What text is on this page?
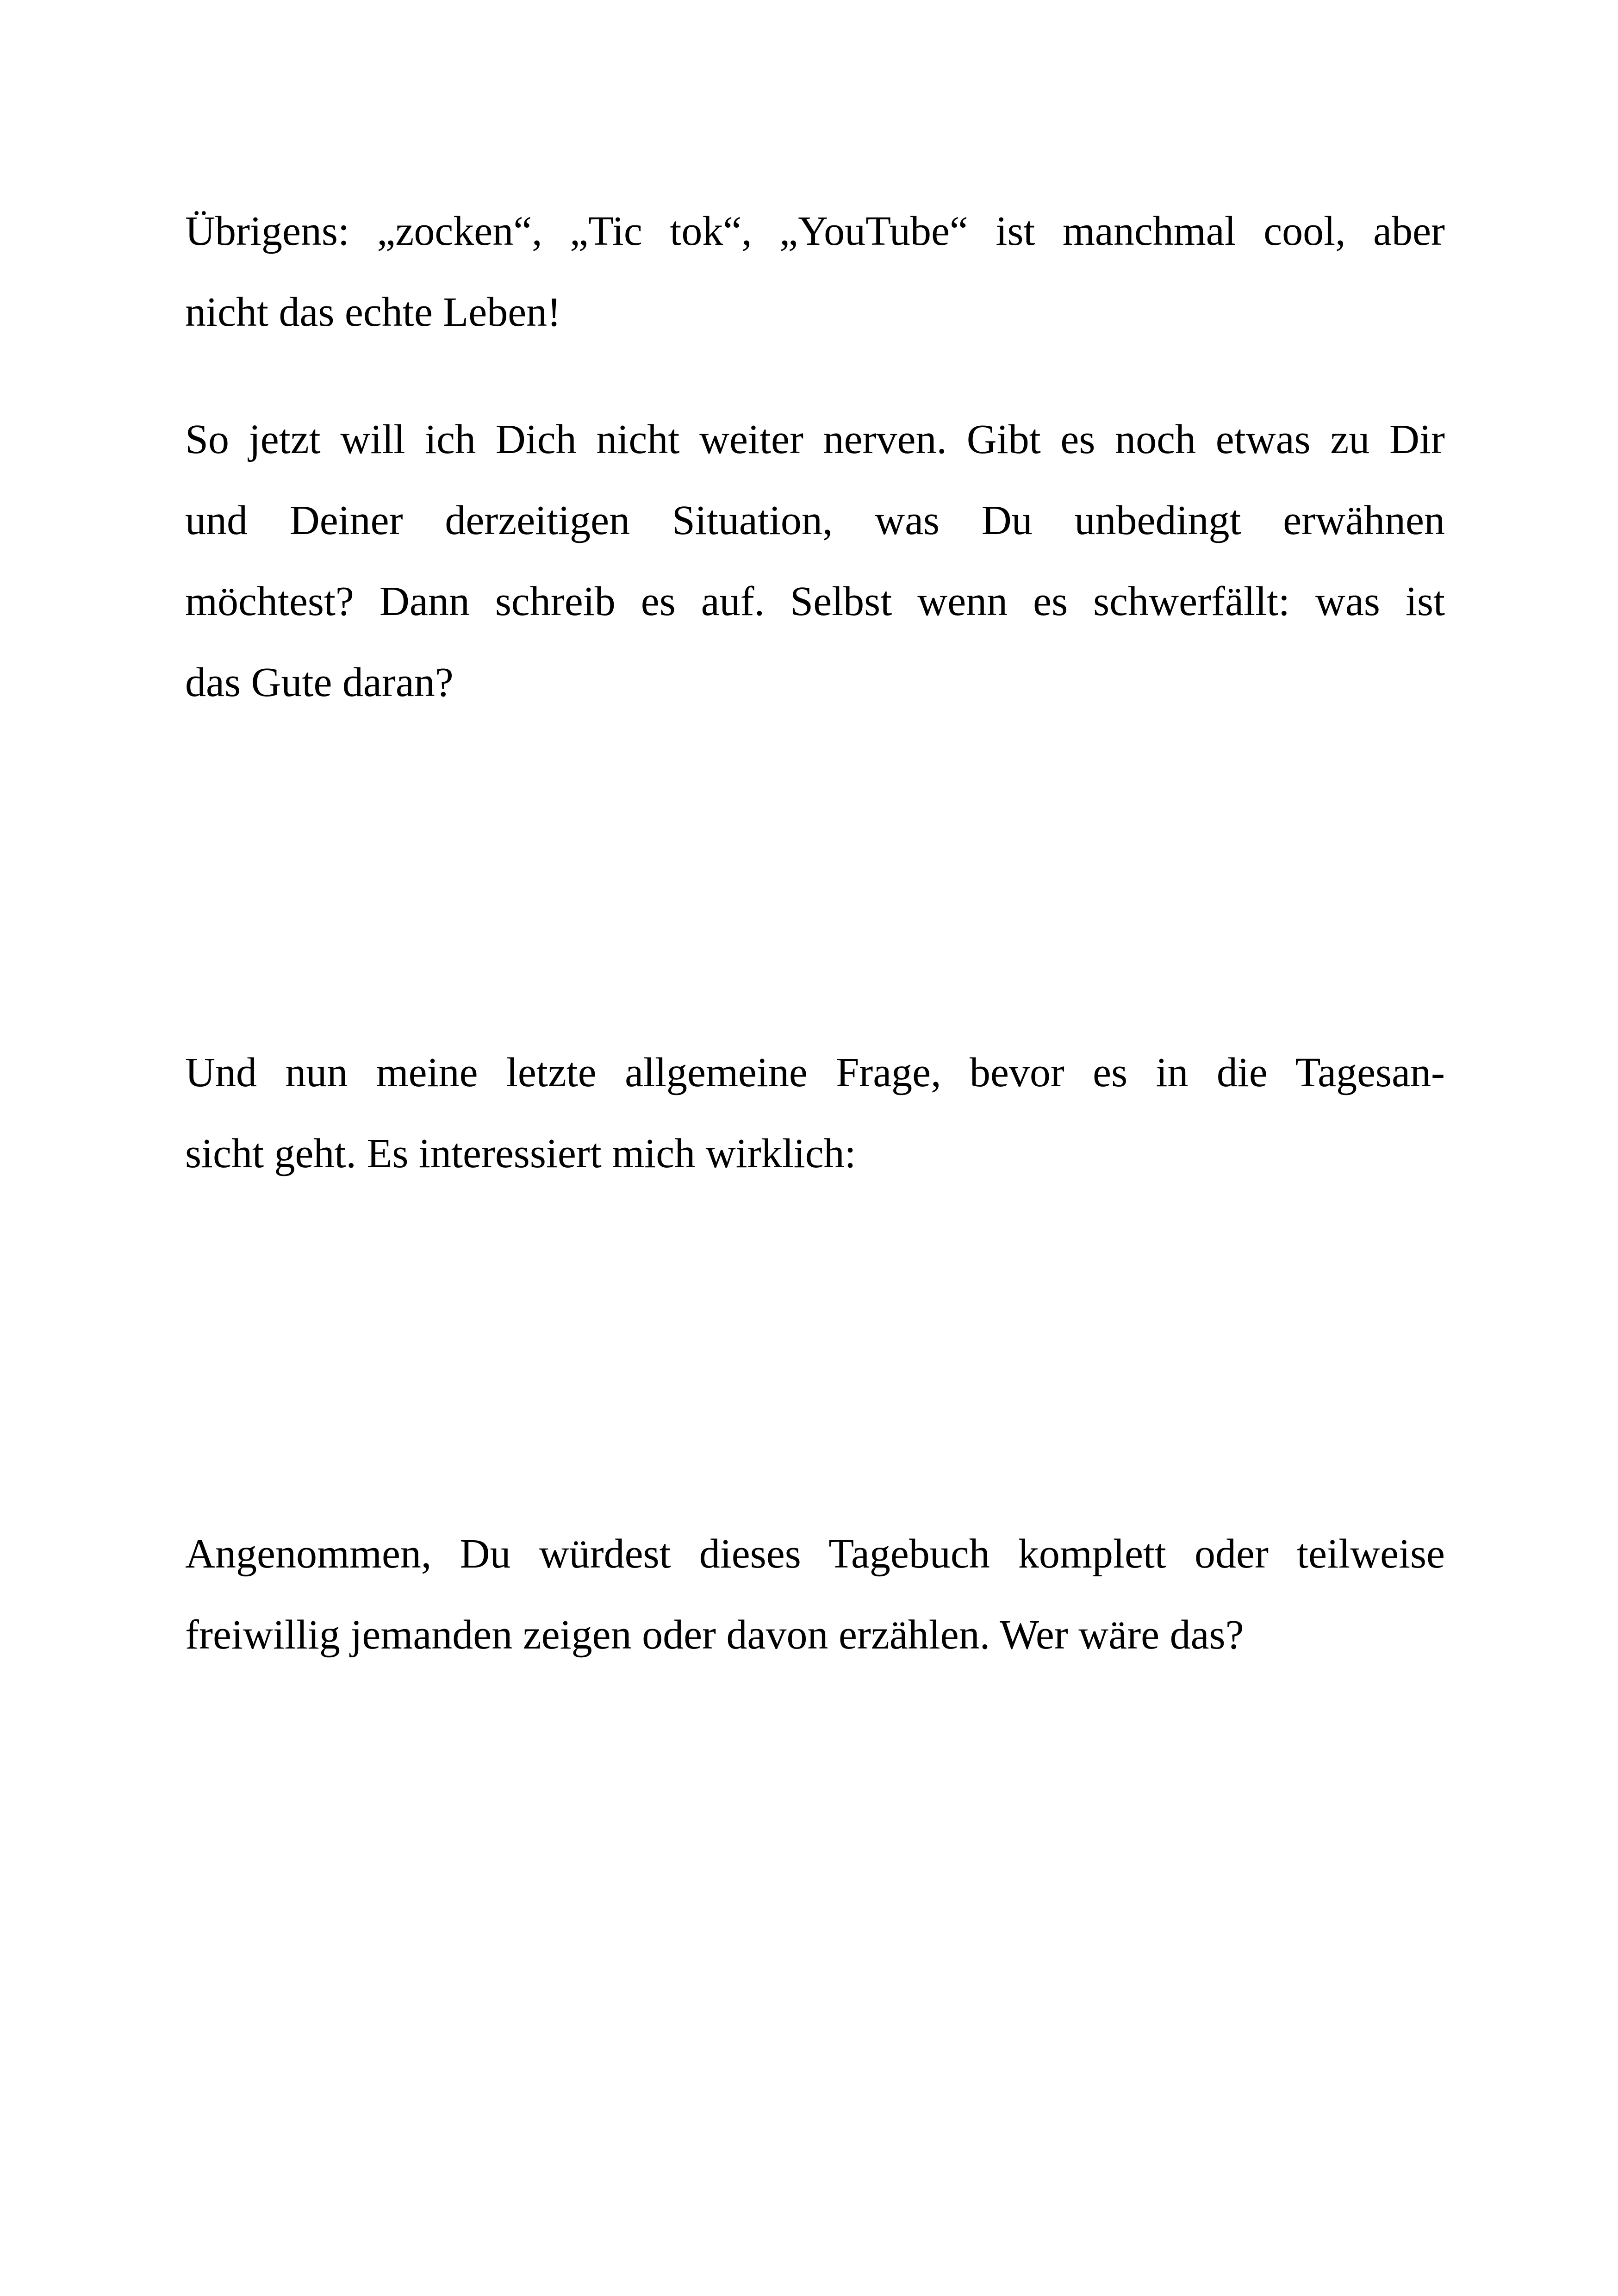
Übrigens: „zocken“, „Tic tok“, „YouTube“ ist manchmal cool, aber
nicht das echte Leben!

So jetzt will ich Dich nicht weiter nerven. Gibt es noch etwas zu Dir
und Deiner derzeitigen Situation, was Du unbedingt erwähnen
möchtest? Dann schreib es auf. Selbst wenn es schwerfällt: was ist
das Gute daran?

Und nun meine letzte allgemeine Frage, bevor es in die Tagesan-
sicht geht. Es interessiert mich wirklich:

Angenommen, Du würdest dieses Tagebuch komplett oder teilweise
freiwillig jemanden zeigen oder davon erzählen. Wer wäre das?
